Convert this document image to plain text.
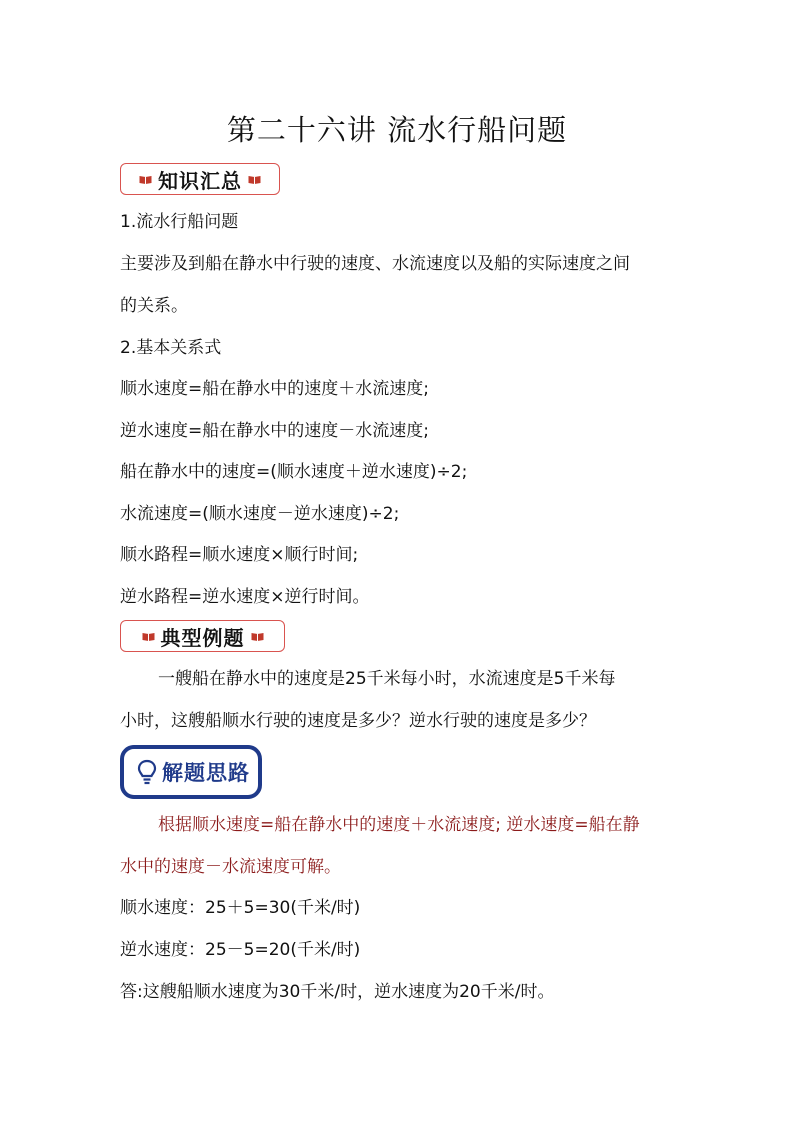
第二十六讲 流水行船问题
知识汇总
1.流水行船问题
主要涉及到船在静水中行驶的速度、水流速度以及船的实际速度之间
的关系。
2.基本关系式
顺水速度=船在静水中的速度＋水流速度;
逆水速度=船在静水中的速度－水流速度;
船在静水中的速度=(顺水速度＋逆水速度)÷2;
水流速度=(顺水速度－逆水速度)÷2;
顺水路程=顺水速度×顺行时间;
逆水路程=逆水速度×逆行时间。
典型例题
一艘船在静水中的速度是25千米每小时，水流速度是5千米每
小时，这艘船顺水行驶的速度是多少？逆水行驶的速度是多少？
解题思路
根据顺水速度=船在静水中的速度＋水流速度; 逆水速度=船在静
水中的速度－水流速度可解。
顺水速度：25＋5=30(千米/时)
逆水速度：25－5=20(千米/时)
答:这艘船顺水速度为30千米/时，逆水速度为20千米/时。
